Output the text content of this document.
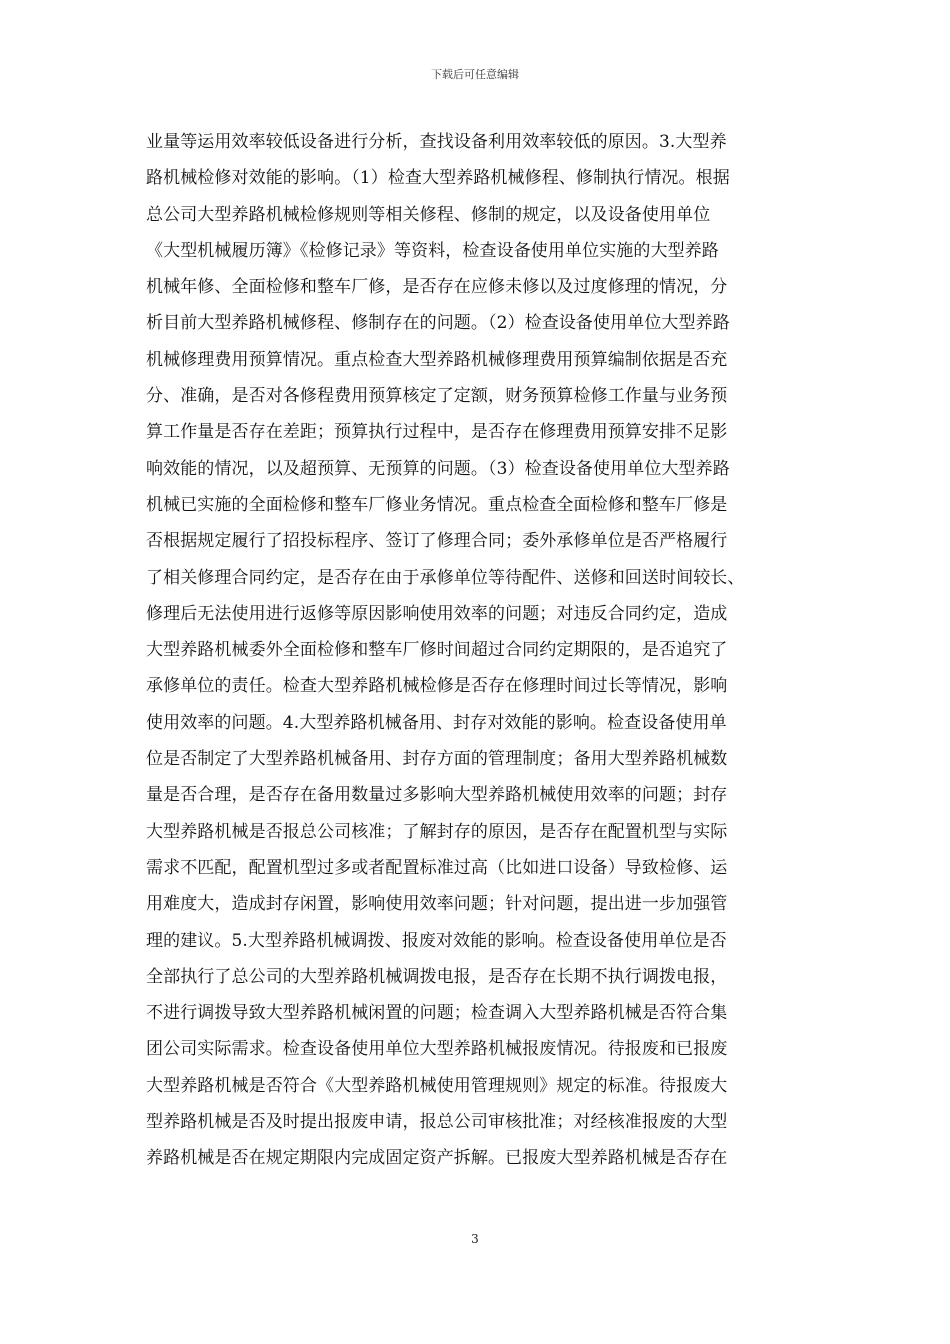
下载后可任意编辑
业量等运用效率较低设备进行分析，查找设备利用效率较低的原因。3.大型养
路机械检修对效能的影响。（1）检查大型养路机械修程、修制执行情况。根据
总公司大型养路机械检修规则等相关修程、修制的规定，以及设备使用单位
《大型机械履历簿》《检修记录》等资料，检查设备使用单位实施的大型养路
机械年修、全面检修和整车厂修，是否存在应修未修以及过度修理的情况，分
析目前大型养路机械修程、修制存在的问题。（2）检查设备使用单位大型养路
机械修理费用预算情况。重点检查大型养路机械修理费用预算编制依据是否充
分、准确，是否对各修程费用预算核定了定额，财务预算检修工作量与业务预
算工作量是否存在差距；预算执行过程中，是否存在修理费用预算安排不足影
响效能的情况，以及超预算、无预算的问题。（3）检查设备使用单位大型养路
机械已实施的全面检修和整车厂修业务情况。重点检查全面检修和整车厂修是
否根据规定履行了招投标程序、签订了修理合同；委外承修单位是否严格履行
了相关修理合同约定，是否存在由于承修单位等待配件、送修和回送时间较长、
修理后无法使用进行返修等原因影响使用效率的问题；对违反合同约定，造成
大型养路机械委外全面检修和整车厂修时间超过合同约定期限的，是否追究了
承修单位的责任。检查大型养路机械检修是否存在修理时间过长等情况，影响
使用效率的问题。4.大型养路机械备用、封存对效能的影响。检查设备使用单
位是否制定了大型养路机械备用、封存方面的管理制度；备用大型养路机械数
量是否合理，是否存在备用数量过多影响大型养路机械使用效率的问题；封存
大型养路机械是否报总公司核准；了解封存的原因，是否存在配置机型与实际
需求不匹配，配置机型过多或者配置标准过高（比如进口设备）导致检修、运
用难度大，造成封存闲置，影响使用效率问题；针对问题，提出进一步加强管
理的建议。5.大型养路机械调拨、报废对效能的影响。检查设备使用单位是否
全部执行了总公司的大型养路机械调拨电报，是否存在长期不执行调拨电报，
不进行调拨导致大型养路机械闲置的问题；检查调入大型养路机械是否符合集
团公司实际需求。检查设备使用单位大型养路机械报废情况。待报废和已报废
大型养路机械是否符合《大型养路机械使用管理规则》规定的标准。待报废大
型养路机械是否及时提出报废申请，报总公司审核批准；对经核准报废的大型
养路机械是否在规定期限内完成固定资产拆解。已报废大型养路机械是否存在
3
